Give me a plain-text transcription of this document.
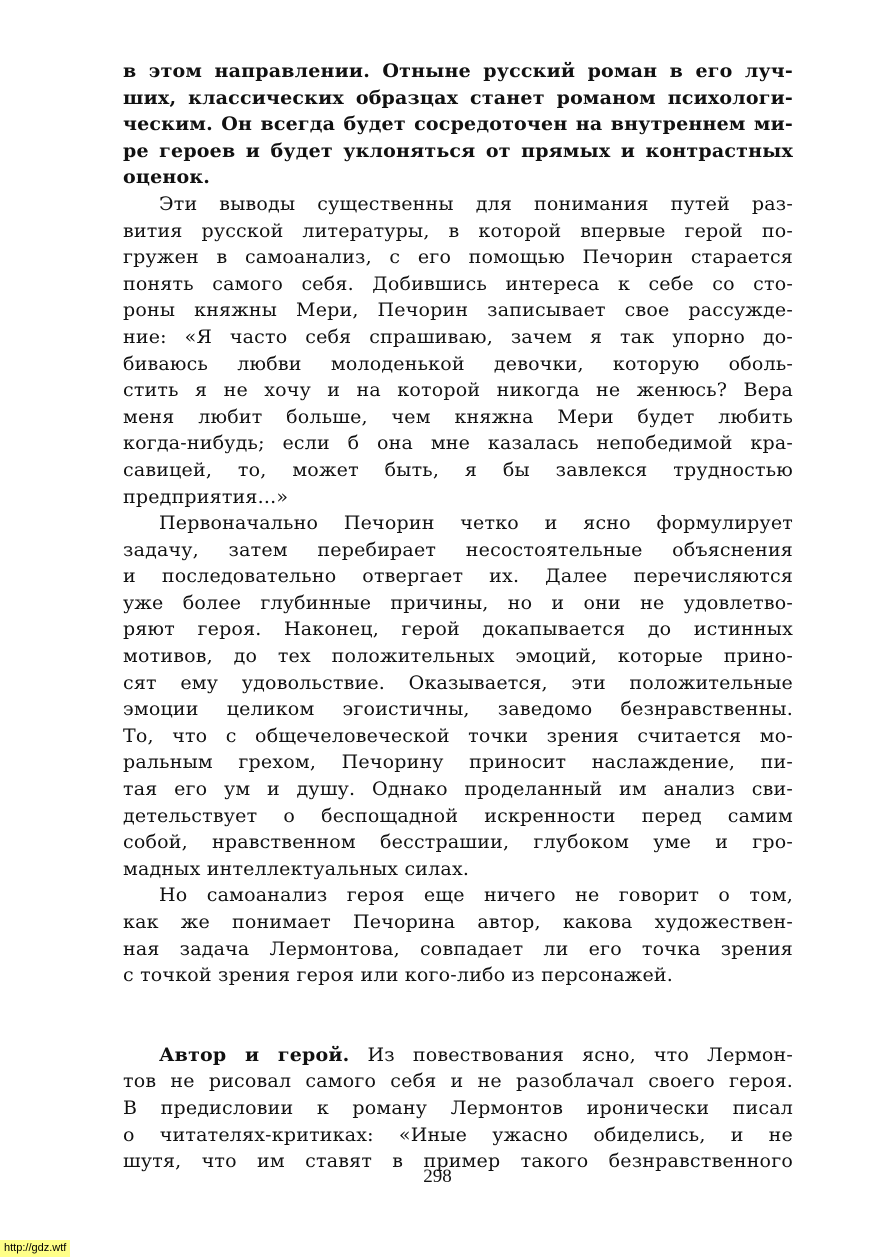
в этом направлении. Отныне русский роман в его луч-
ших, классических образцах станет романом психологи-
ческим. Он всегда будет сосредоточен на внутреннем ми-
ре героев и будет уклоняться от прямых и контрастных
оценок.
Эти выводы существенны для понимания путей раз-
вития русской литературы, в которой впервые герой по-
гружен в самоанализ, с его помощью Печорин старается
понять самого себя. Добившись интереса к себе со сто-
роны княжны Мери, Печорин записывает свое рассужде-
ние: «Я часто себя спрашиваю, зачем я так упорно до-
биваюсь любви молоденькой девочки, которую оболь-
стить я не хочу и на которой никогда не женюсь? Вера
меня любит больше, чем княжна Мери будет любить
когда-нибудь; если б она мне казалась непобедимой кра-
савицей, то, может быть, я бы завлекся трудностью
предприятия...»
Первоначально Печорин четко и ясно формулирует
задачу, затем перебирает несостоятельные объяснения
и последовательно отвергает их. Далее перечисляются
уже более глубинные причины, но и они не удовлетво-
ряют героя. Наконец, герой докапывается до истинных
мотивов, до тех положительных эмоций, которые прино-
сят ему удовольствие. Оказывается, эти положительные
эмоции целиком эгоистичны, заведомо безнравственны.
То, что с общечеловеческой точки зрения считается мо-
ральным грехом, Печорину приносит наслаждение, пи-
тая его ум и душу. Однако проделанный им анализ сви-
детельствует о беспощадной искренности перед самим
собой, нравственном бесстрашии, глубоком уме и гро-
мадных интеллектуальных силах.
Но самоанализ героя еще ничего не говорит о том,
как же понимает Печорина автор, какова художествен-
ная задача Лермонтова, совпадает ли его точка зрения
с точкой зрения героя или кого-либо из персонажей.
Автор и герой. Из повествования ясно, что Лермон-
тов не рисовал самого себя и не разоблачал своего героя.
В предисловии к роману Лермонтов иронически писал
о читателях-критиках: «Иные ужасно обиделись, и не
шутя, что им ставят в пример такого безнравственного
298
http://gdz.wtf
